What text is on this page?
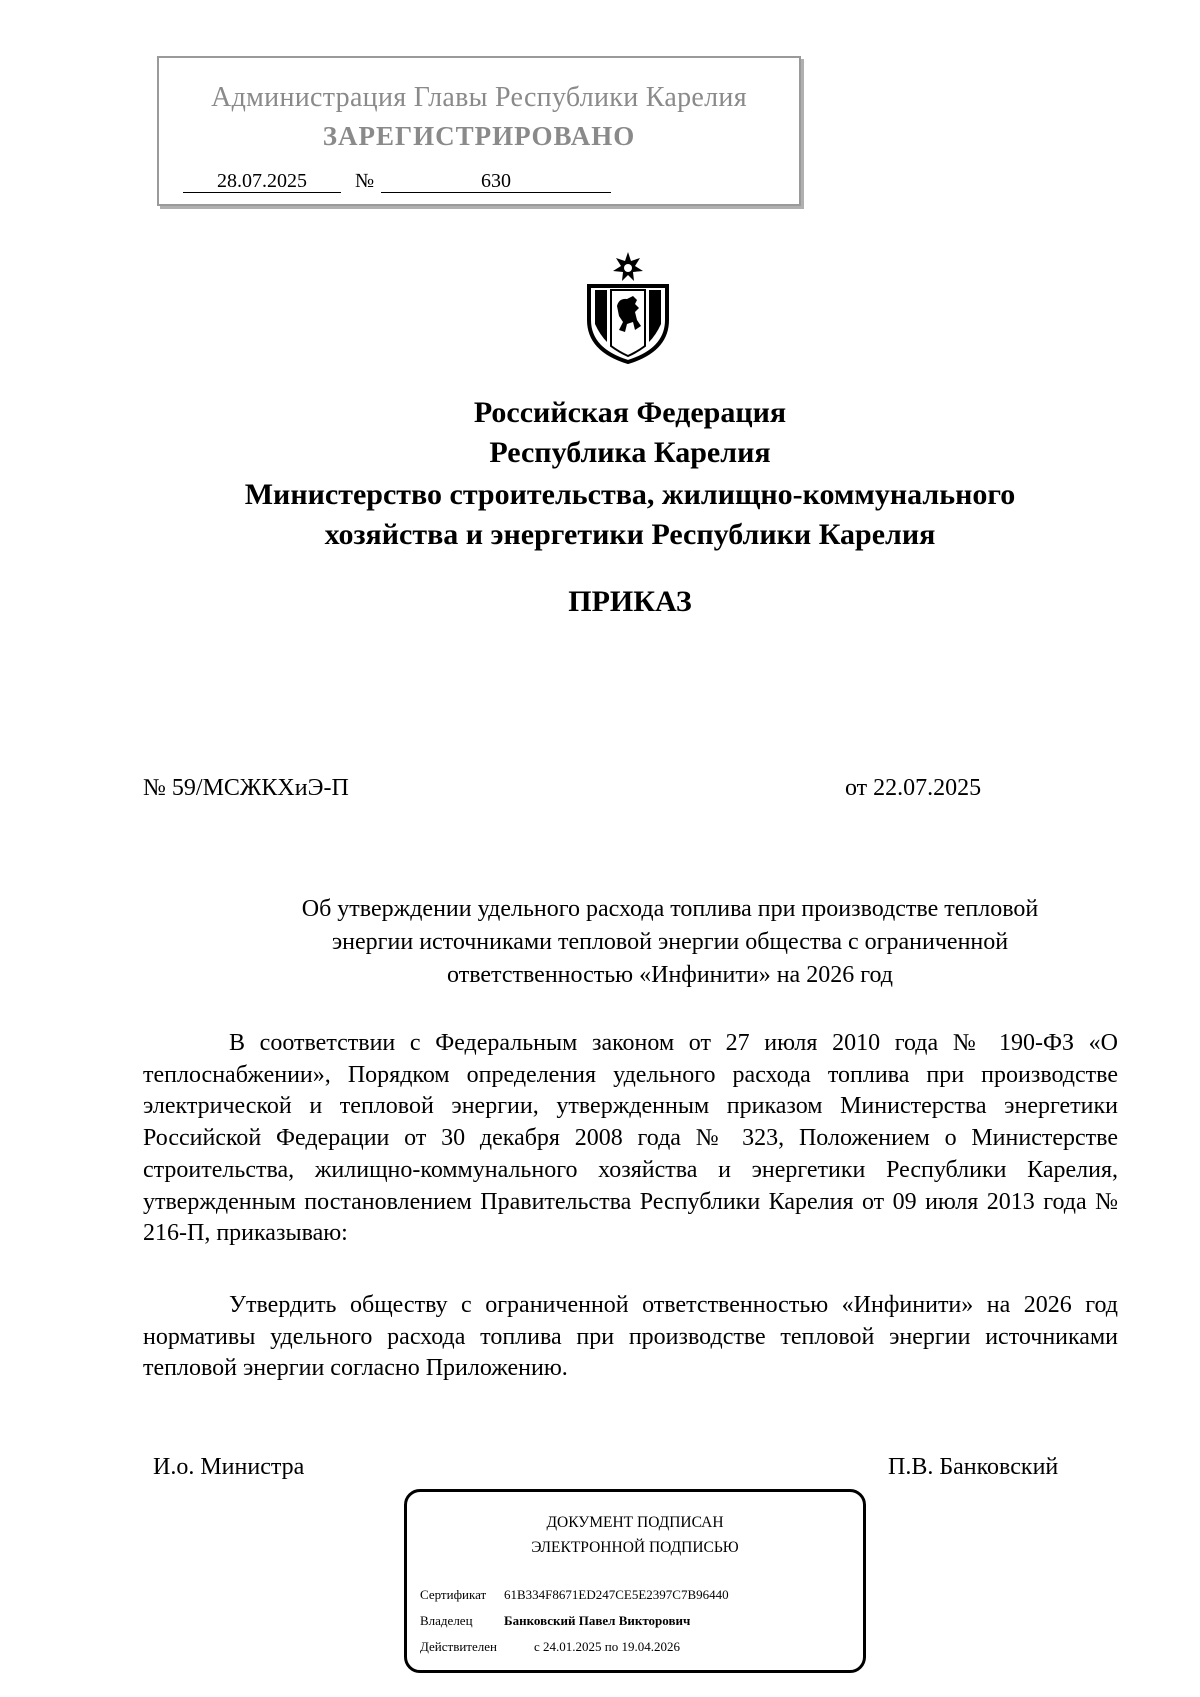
Администрация Главы Республики Карелия
ЗАРЕГИСТРИРОВАНО
28.07.2025	№	630
Российская Федерация
Республика Карелия
Министерство строительства, жилищно-коммунального
хозяйства и энергетики Республики Карелия
ПРИКАЗ
№ 59/МСЖКХиЭ-П	от 22.07.2025
Об утверждении удельного расхода топлива при производстве тепловой
энергии источниками тепловой энергии общества с ограниченной
ответственностью «Инфинити» на 2026 год

В соответствии с Федеральным законом от 27 июля 2010 года № 190-ФЗ «О теплоснабжении», Порядком определения удельного расхода топлива при производстве электрической и тепловой энергии, утвержденным приказом Министерства энергетики Российской Федерации от 30 декабря 2008 года № 323, Положением о Министерстве строительства, жилищно-коммунального хозяйства и энергетики Республики Карелия, утвержденным постановлением Правительства Республики Карелия от 09 июля 2013 года № 216-П, приказываю:

Утвердить обществу с ограниченной ответственностью «Инфинити» на 2026 год нормативы удельного расхода топлива при производстве тепловой энергии источниками тепловой энергии согласно Приложению.

И.о. Министра	П.В. Банковский
ДОКУМЕНТ ПОДПИСАН
ЭЛЕКТРОННОЙ ПОДПИСЬЮ
Сертификат 61B334F8671ED247CE5E2397C7B96440
Владелец Банковский Павел Викторович
Действителен	с 24.01.2025 по 19.04.2026
